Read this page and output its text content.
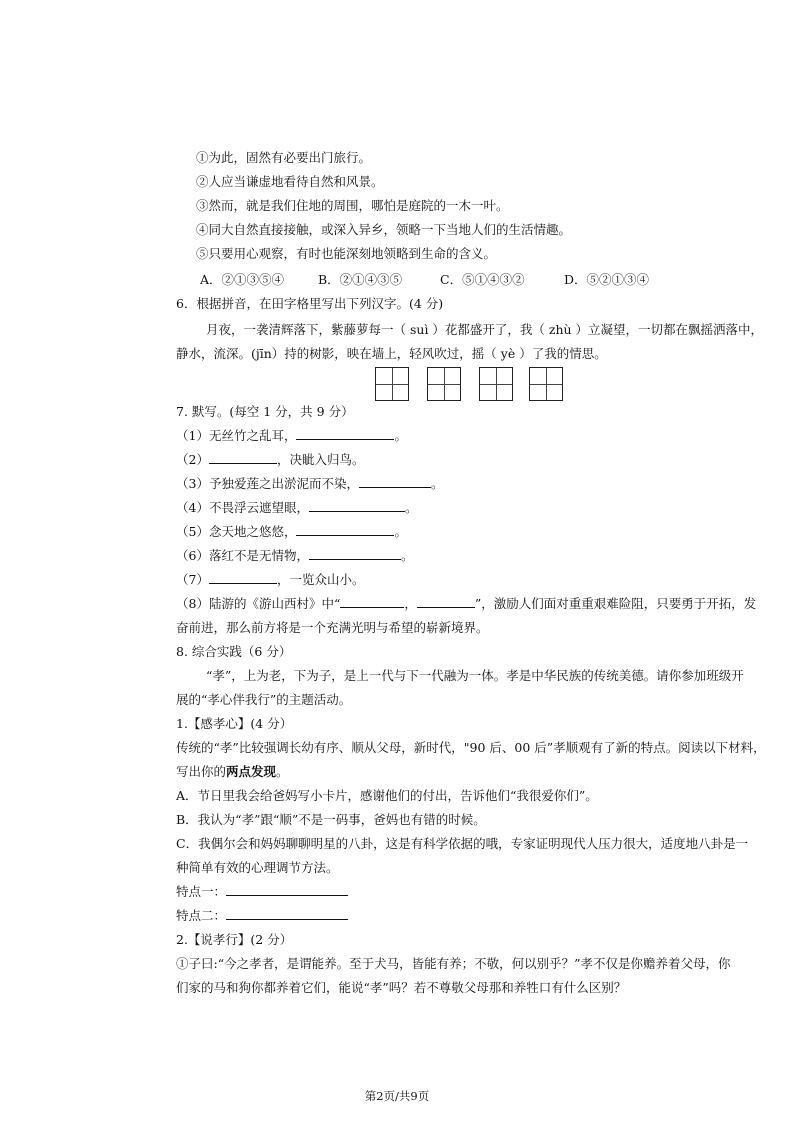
①为此，固然有必要出门旅行。
②人应当谦虚地看待自然和风景。
③然而，就是我们住地的周围，哪怕是庭院的一木一叶。
④同大自然直接接触，或深入异乡，领略一下当地人们的生活情趣。
⑤只要用心观察，有时也能深刻地领略到生命的含义。
A．②①③⑤④	B．②①④③⑤	C．⑤①④③②	D．⑤②①③④
6．根据拼音，在田字格里写出下列汉字。(4 分)
月夜，一袭清辉落下，紫藤萝每一（ suì ）花都盛开了，我（ zhù ）立凝望，一切都在飘摇洒落中，
静水，流深。(jīn）持的树影，映在墙上，轻风吹过，摇（ yè ）了我的情思。
7. 默写。(每空 1 分，共 9 分）
（1）无丝竹之乱耳，	。
（2）	，决眦入归鸟。
（3）予独爱莲之出淤泥而不染，	。
（4）不畏浮云遮望眼，	。
（5）念天地之悠悠，	。
（6）落红不是无情物，	。
（7）	，一览众山小。
（8）陆游的《游山西村》中“	，	”，激励人们面对重重艰难险阻，只要勇于开拓，发
奋前进，那么前方将是一个充满光明与希望的崭新境界。
8. 综合实践（6 分）
“孝”，上为老，下为子，是上一代与下一代融为一体。孝是中华民族的传统美德。请你参加班级开
展的“孝心伴我行”的主题活动。
1.【感孝心】(4 分）
传统的“孝”比较强调长幼有序、顺从父母，新时代，"90 后、00 后”孝顺观有了新的特点。阅读以下材料，
写出你的两点发现。
A．节日里我会给爸妈写小卡片，感谢他们的付出，告诉他们“我很爱你们”。
B．我认为“孝”跟“顺”不是一码事，爸妈也有错的时候。
C．我偶尔会和妈妈聊聊明星的八卦，这是有科学依据的哦，专家证明现代人压力很大，适度地八卦是一
种简单有效的心理调节方法。
特点一：
特点二：
2.【说孝行】(2 分）
①子曰:“今之孝者，是谓能养。至于犬马，皆能有养；不敬，何以别乎？”孝不仅是你赡养着父母，你
们家的马和狗你都养着它们，能说“孝”吗？若不尊敬父母那和养牲口有什么区别？
第2页/共9页
